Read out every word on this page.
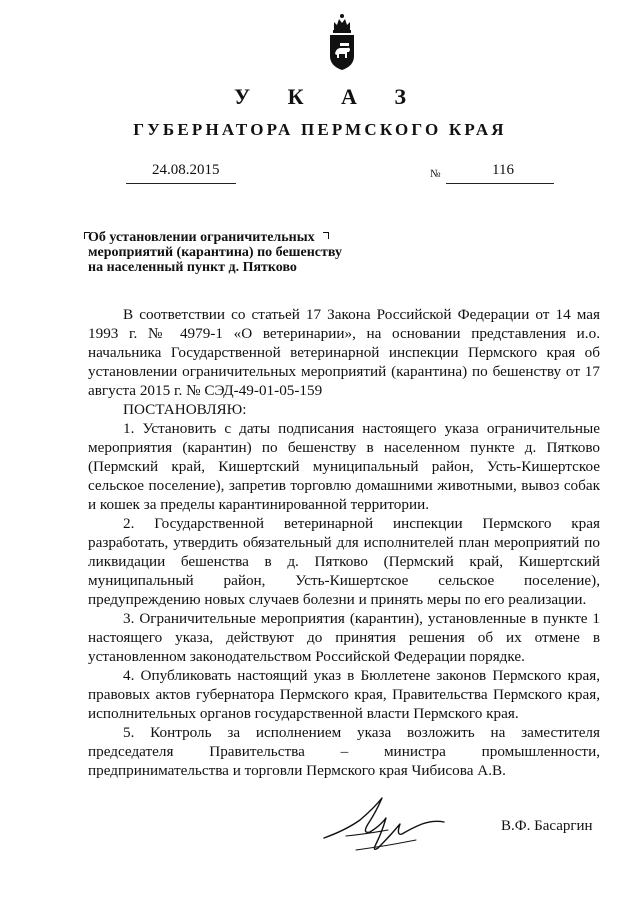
У К А З
ГУБЕРНАТОРА ПЕРМСКОГО КРАЯ
24.08.2015	№	116
Об установлении ограничительных
мероприятий (карантина) по бешенству
на населенный пункт д. Пятково

В соответствии со статьей 17 Закона Российской Федерации от 14 мая 1993 г. № 4979-1 «О ветеринарии», на основании представления и.о. начальника Государственной ветеринарной инспекции Пермского края об установлении ограничительных мероприятий (карантина) по бешенству от 17 августа 2015 г. № СЭД-49-01-05-159

ПОСТАНОВЛЯЮ:

1. Установить с даты подписания настоящего указа ограничительные мероприятия (карантин) по бешенству в населенном пункте д. Пятково (Пермский край, Кишертский муниципальный район, Усть-Кишертское сельское поселение), запретив торговлю домашними животными, вывоз собак и кошек за пределы карантинированной территории.

2. Государственной ветеринарной инспекции Пермского края разработать, утвердить обязательный для исполнителей план мероприятий по ликвидации бешенства в д. Пятково (Пермский край, Кишертский муниципальный район, Усть-Кишертское сельское поселение), предупреждению новых случаев болезни и принять меры по его реализации.

3. Ограничительные мероприятия (карантин), установленные в пункте 1 настоящего указа, действуют до принятия решения об их отмене в установленном законодательством Российской Федерации порядке.

4. Опубликовать настоящий указ в Бюллетене законов Пермского края, правовых актов губернатора Пермского края, Правительства Пермского края, исполнительных органов государственной власти Пермского края.

5. Контроль за исполнением указа возложить на заместителя председателя Правительства – министра промышленности, предпринимательства и торговли Пермского края Чибисова А.В.

В.Ф. Басаргин
